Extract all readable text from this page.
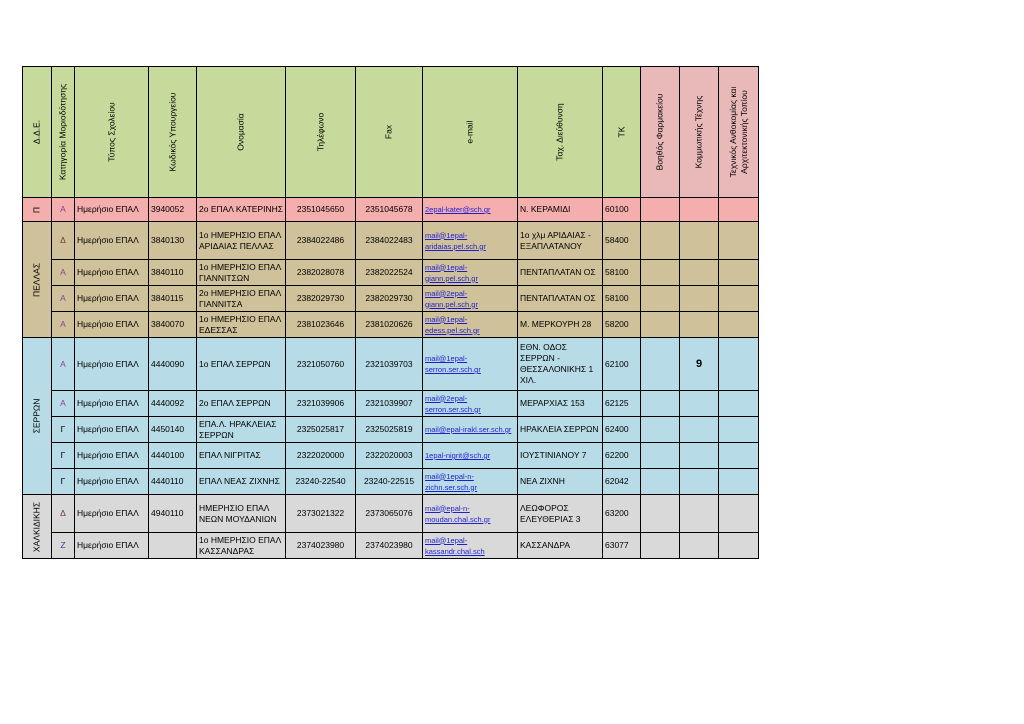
Δ.Δ.Ε.	Κατηγορία Μοριοδότησης	Τύπος Σχολείου	Κωδικός Υπουργείου	Ονομασία	Τηλέφωνο	Fax	e-mail	Ταχ. Διεύθυνση	ΤΚ	Βοηθός Φαρμακείου	Κομμωτικής Τέχνης	Τεχνικός Ανθοκομίας και Αρχιτεκτονικής Τοπίου

Π	Α	Ημερήσιο ΕΠΑΛ	3940052	2ο ΕΠΑΛ ΚΑΤΕΡΙΝΗΣ	2351045650	2351045678	2epal-kater@sch.gr	Ν. ΚΕΡΑΜΙΔΙ	60100			

ΠΕΛΛΑΣ	Δ	Ημερήσιο ΕΠΑΛ	3840130	1ο ΗΜΕΡΗΣΙΟ ΕΠΑΛ ΑΡΙΔΑΙΑΣ ΠΕΛΛΑΣ	2384022486	2384022483	mail@1epal-aridaias.pel.sch.gr	1ο χλμ ΑΡΙΔΑΙΑΣ - ΕΞΑΠΛΑΤΑΝΟΥ	58400			
	Α	Ημερήσιο ΕΠΑΛ	3840110	1ο ΗΜΕΡΗΣΙΟ ΕΠΑΛ ΓΙΑΝΝΙΤΣΩΝ	2382028078	2382022524	mail@1epal-giann.pel.sch.gr	ΠΕΝΤΑΠΛΑΤΑΝ ΟΣ	58100			
	Α	Ημερήσιο ΕΠΑΛ	3840115	2ο ΗΜΕΡΗΣΙΟ ΕΠΑΛ ΓΙΑΝΝΙΤΣΑ	2382029730	2382029730	mail@2epal-giann.pel.sch.gr	ΠΕΝΤΑΠΛΑΤΑΝ ΟΣ	58100			
	Α	Ημερήσιο ΕΠΑΛ	3840070	1ο ΗΜΕΡΗΣΙΟ ΕΠΑΛ ΕΔΕΣΣΑΣ	2381023646	2381020626	mail@1epal-edess.pel.sch.gr	Μ. ΜΕΡΚΟΥΡΗ 28	58200			

ΣΕΡΡΩΝ	Α	Ημερήσιο ΕΠΑΛ	4440090	1ο ΕΠΑΛ ΣΕΡΡΩΝ	2321050760	2321039703	mail@1epal-serron.ser.sch.gr	ΕΘΝ. ΟΔΟΣ ΣΕΡΡΩΝ - ΘΕΣΣΑΛΟΝΙΚΗΣ 1 ΧΙΛ.	62100		9	
	Α	Ημερήσιο ΕΠΑΛ	4440092	2ο ΕΠΑΛ ΣΕΡΡΩΝ	2321039906	2321039907	mail@2epal-serron.ser.sch.gr	ΜΕΡΑΡΧΙΑΣ 153	62125			
	Γ	Ημερήσιο ΕΠΑΛ	4450140	ΕΠΑ.Λ. ΗΡΑΚΛΕΙΑΣ ΣΕΡΡΩΝ	2325025817	2325025819	mail@epal-irakl.ser.sch.gr	ΗΡΑΚΛΕΙΑ ΣΕΡΡΩΝ	62400			
	Γ	Ημερήσιο ΕΠΑΛ	4440100	ΕΠΑΛ ΝΙΓΡΙΤΑΣ	2322020000	2322020003	1epal-nigrit@sch.gr	ΙΟΥΣΤΙΝΙΑΝΟΥ 7	62200			
	Γ	Ημερήσιο ΕΠΑΛ	4440110	ΕΠΑΛ ΝΕΑΣ ΖΙΧΝΗΣ	23240-22540	23240-22515	mail@1epal-n-zichn.ser.sch.gr	ΝΕΑ ΖΙΧΝΗ	62042			

ΧΑΛΚΙΔΙΚΗΣ	Δ	Ημερήσιο ΕΠΑΛ	4940110	ΗΜΕΡΗΣΙΟ ΕΠΑΛ ΝΕΩΝ ΜΟΥΔΑΝΙΩΝ	2373021322	2373065076	mail@epal-n-moudan.chal.sch.gr	ΛΕΩΦΟΡΟΣ ΕΛΕΥΘΕΡΙΑΣ 3	63200			
	Ζ	Ημερήσιο ΕΠΑΛ		1ο ΗΜΕΡΗΣΙΟ ΕΠΑΛ ΚΑΣΣΑΝΔΡΑΣ	2374023980	2374023980	mail@1epal-kassandr.chal.sch	ΚΑΣΣΑΝΔΡΑ	63077			
